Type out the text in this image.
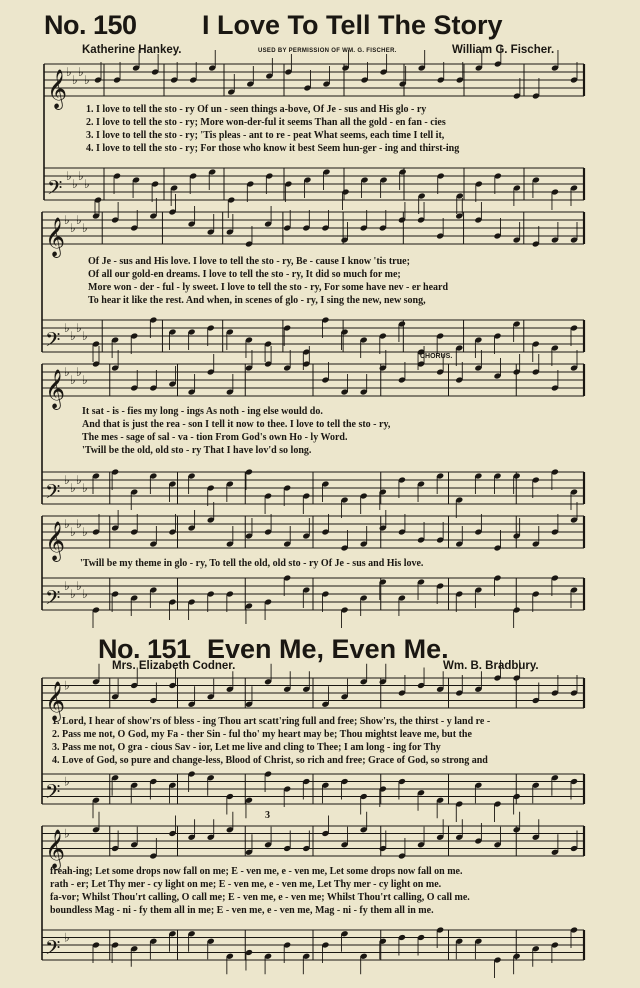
𝄞
𝄢
♭
♭
♭
♭
♭
♭
♭
♭
𝄞
𝄢
♭
♭
♭
♭
♭
♭
♭
♭
𝄞
𝄢
♭
♭
♭
♭
♭
♭
♭
♭
𝄞
𝄢
♭
♭
♭
♭
♭
♭
♭
♭
𝄞
𝄢
♭
♭
𝄞
𝄢
♭
♭
No. 150 I Love To Tell The Story
Katherine Hankey.	USED BY PERMISSION OF WM. G. FISCHER.	William G. Fischer.
1. I love to tell the sto - ry Of un - seen things a-bove, Of Je - sus and His glo - ry
2. I love to tell the sto - ry; More won-der-ful it seems Than all the gold - en fan - cies
3. I love to tell the sto - ry; 'Tis pleas - ant to re - peat What seems, each time I tell it,
4. I love to tell the sto - ry; For those who know it best Seem hun-ger - ing and thirst-ing
Of Je - sus and His love. I love to tell the sto - ry, Be - cause I know 'tis true;
Of all our gold-en dreams. I love to tell the sto - ry, It did so much for me;
More won - der - ful - ly sweet. I love to tell the sto - ry, For some have nev - er heard
To hear it like the rest. And when, in scenes of glo - ry, I sing the new, new song,
CHORUS.
It sat - is - fies my long - ings As noth - ing else would do.
And that is just the rea - son I tell it now to thee. I love to tell the sto - ry,
The mes - sage of sal - va - tion From God's own Ho - ly Word.
'Twill be the old, old sto - ry That I have lov'd so long.
'Twill be my theme in glo - ry, To tell the old, old sto - ry Of Je - sus and His love.
No. 151 Even Me, Even Me.
Mrs. Elizabeth Codner.	Wm. B. Bradbury.
1. Lord, I hear of show'rs of bless - ing Thou art scatt'ring full and free; Show'rs, the thirst - y land re -
2. Pass me not, O God, my Fa - ther Sin - ful tho' my heart may be; Thou mightst leave me, but the
3. Pass me not, O gra - cious Sav - ior, Let me live and cling to Thee; I am long - ing for Thy
4. Love of God, so pure and change-less, Blood of Christ, so rich and free; Grace of God, so strong and
3
freah-ing; Let some drops now fall on me; E - ven me, e - ven me, Let some drops now fall on me.
rath - er; Let Thy mer - cy light on me; E - ven me, e - ven me, Let Thy mer - cy light on me.
fa-vor; Whilst Thou'rt calling, O call me; E - ven me, e - ven me; Whilst Thou'rt calling, O call me.
boundless Mag - ni - fy them all in me; E - ven me, e - ven me, Mag - ni - fy them all in me.
